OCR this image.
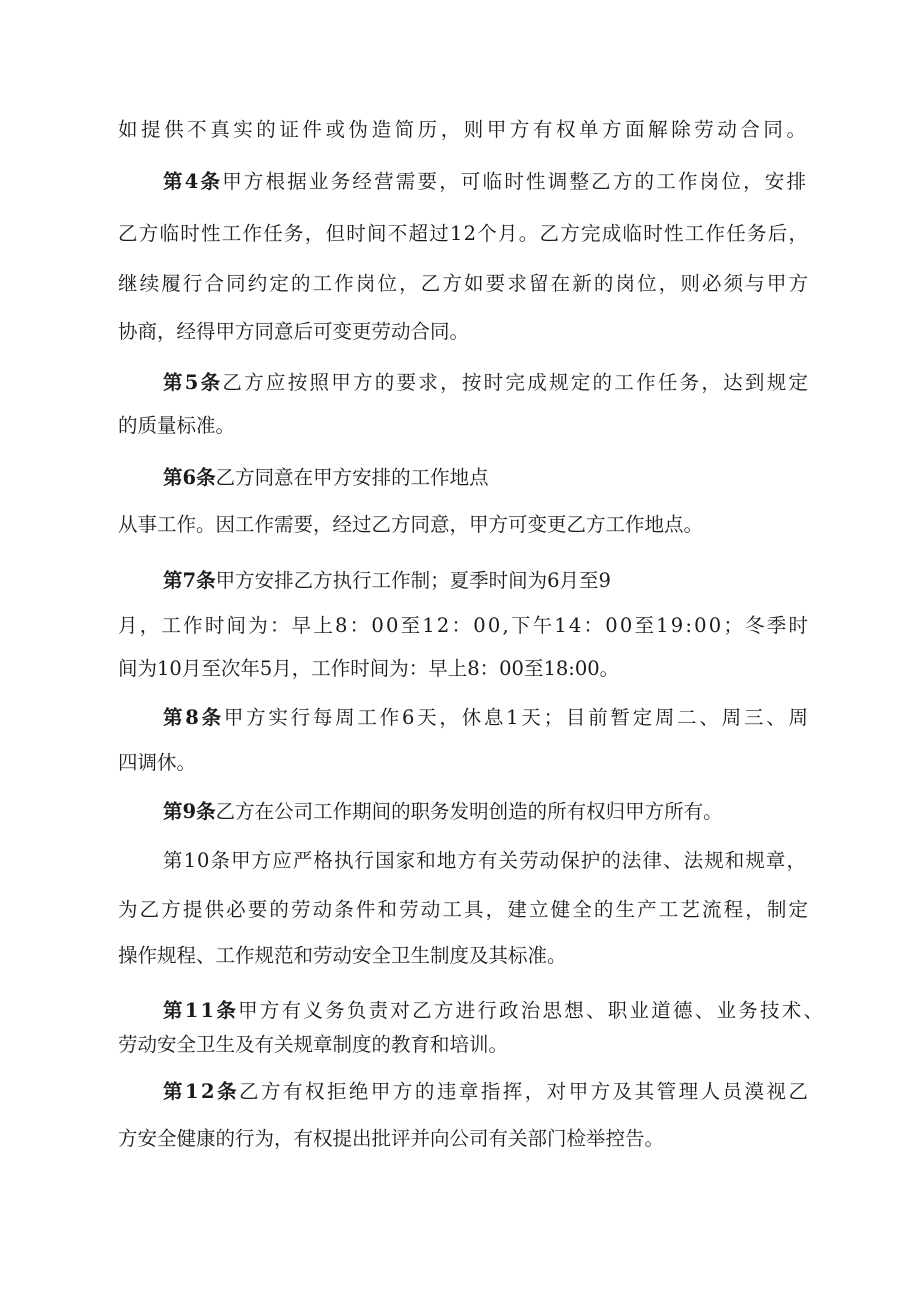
如提供不真实的证件或伪造简历，则甲方有权单方面解除劳动合同。
第4条甲方根据业务经营需要，可临时性调整乙方的工作岗位，安排
乙方临时性工作任务，但时间不超过12个月。乙方完成临时性工作任务后，
继续履行合同约定的工作岗位，乙方如要求留在新的岗位，则必须与甲方
协商，经得甲方同意后可变更劳动合同。
第5条乙方应按照甲方的要求，按时完成规定的工作任务，达到规定
的质量标准。
第6条乙方同意在甲方安排的工作地点
从事工作。因工作需要，经过乙方同意，甲方可变更乙方工作地点。
第7条甲方安排乙方执行工作制；夏季时间为6月至9
月，工作时间为：早上8：00至12：00,下午14：00至19:00；冬季时
间为10月至次年5月，工作时间为：早上8：00至18:00。
第8条甲方实行每周工作6天，休息1天；目前暂定周二、周三、周
四调休。
第9条乙方在公司工作期间的职务发明创造的所有权归甲方所有。
第10条甲方应严格执行国家和地方有关劳动保护的法律、法规和规章，
为乙方提供必要的劳动条件和劳动工具，建立健全的生产工艺流程，制定
操作规程、工作规范和劳动安全卫生制度及其标准。
第11条甲方有义务负责对乙方进行政治思想、职业道德、业务技术、
劳动安全卫生及有关规章制度的教育和培训。
第12条乙方有权拒绝甲方的违章指挥，对甲方及其管理人员漠视乙
方安全健康的行为，有权提出批评并向公司有关部门检举控告。
